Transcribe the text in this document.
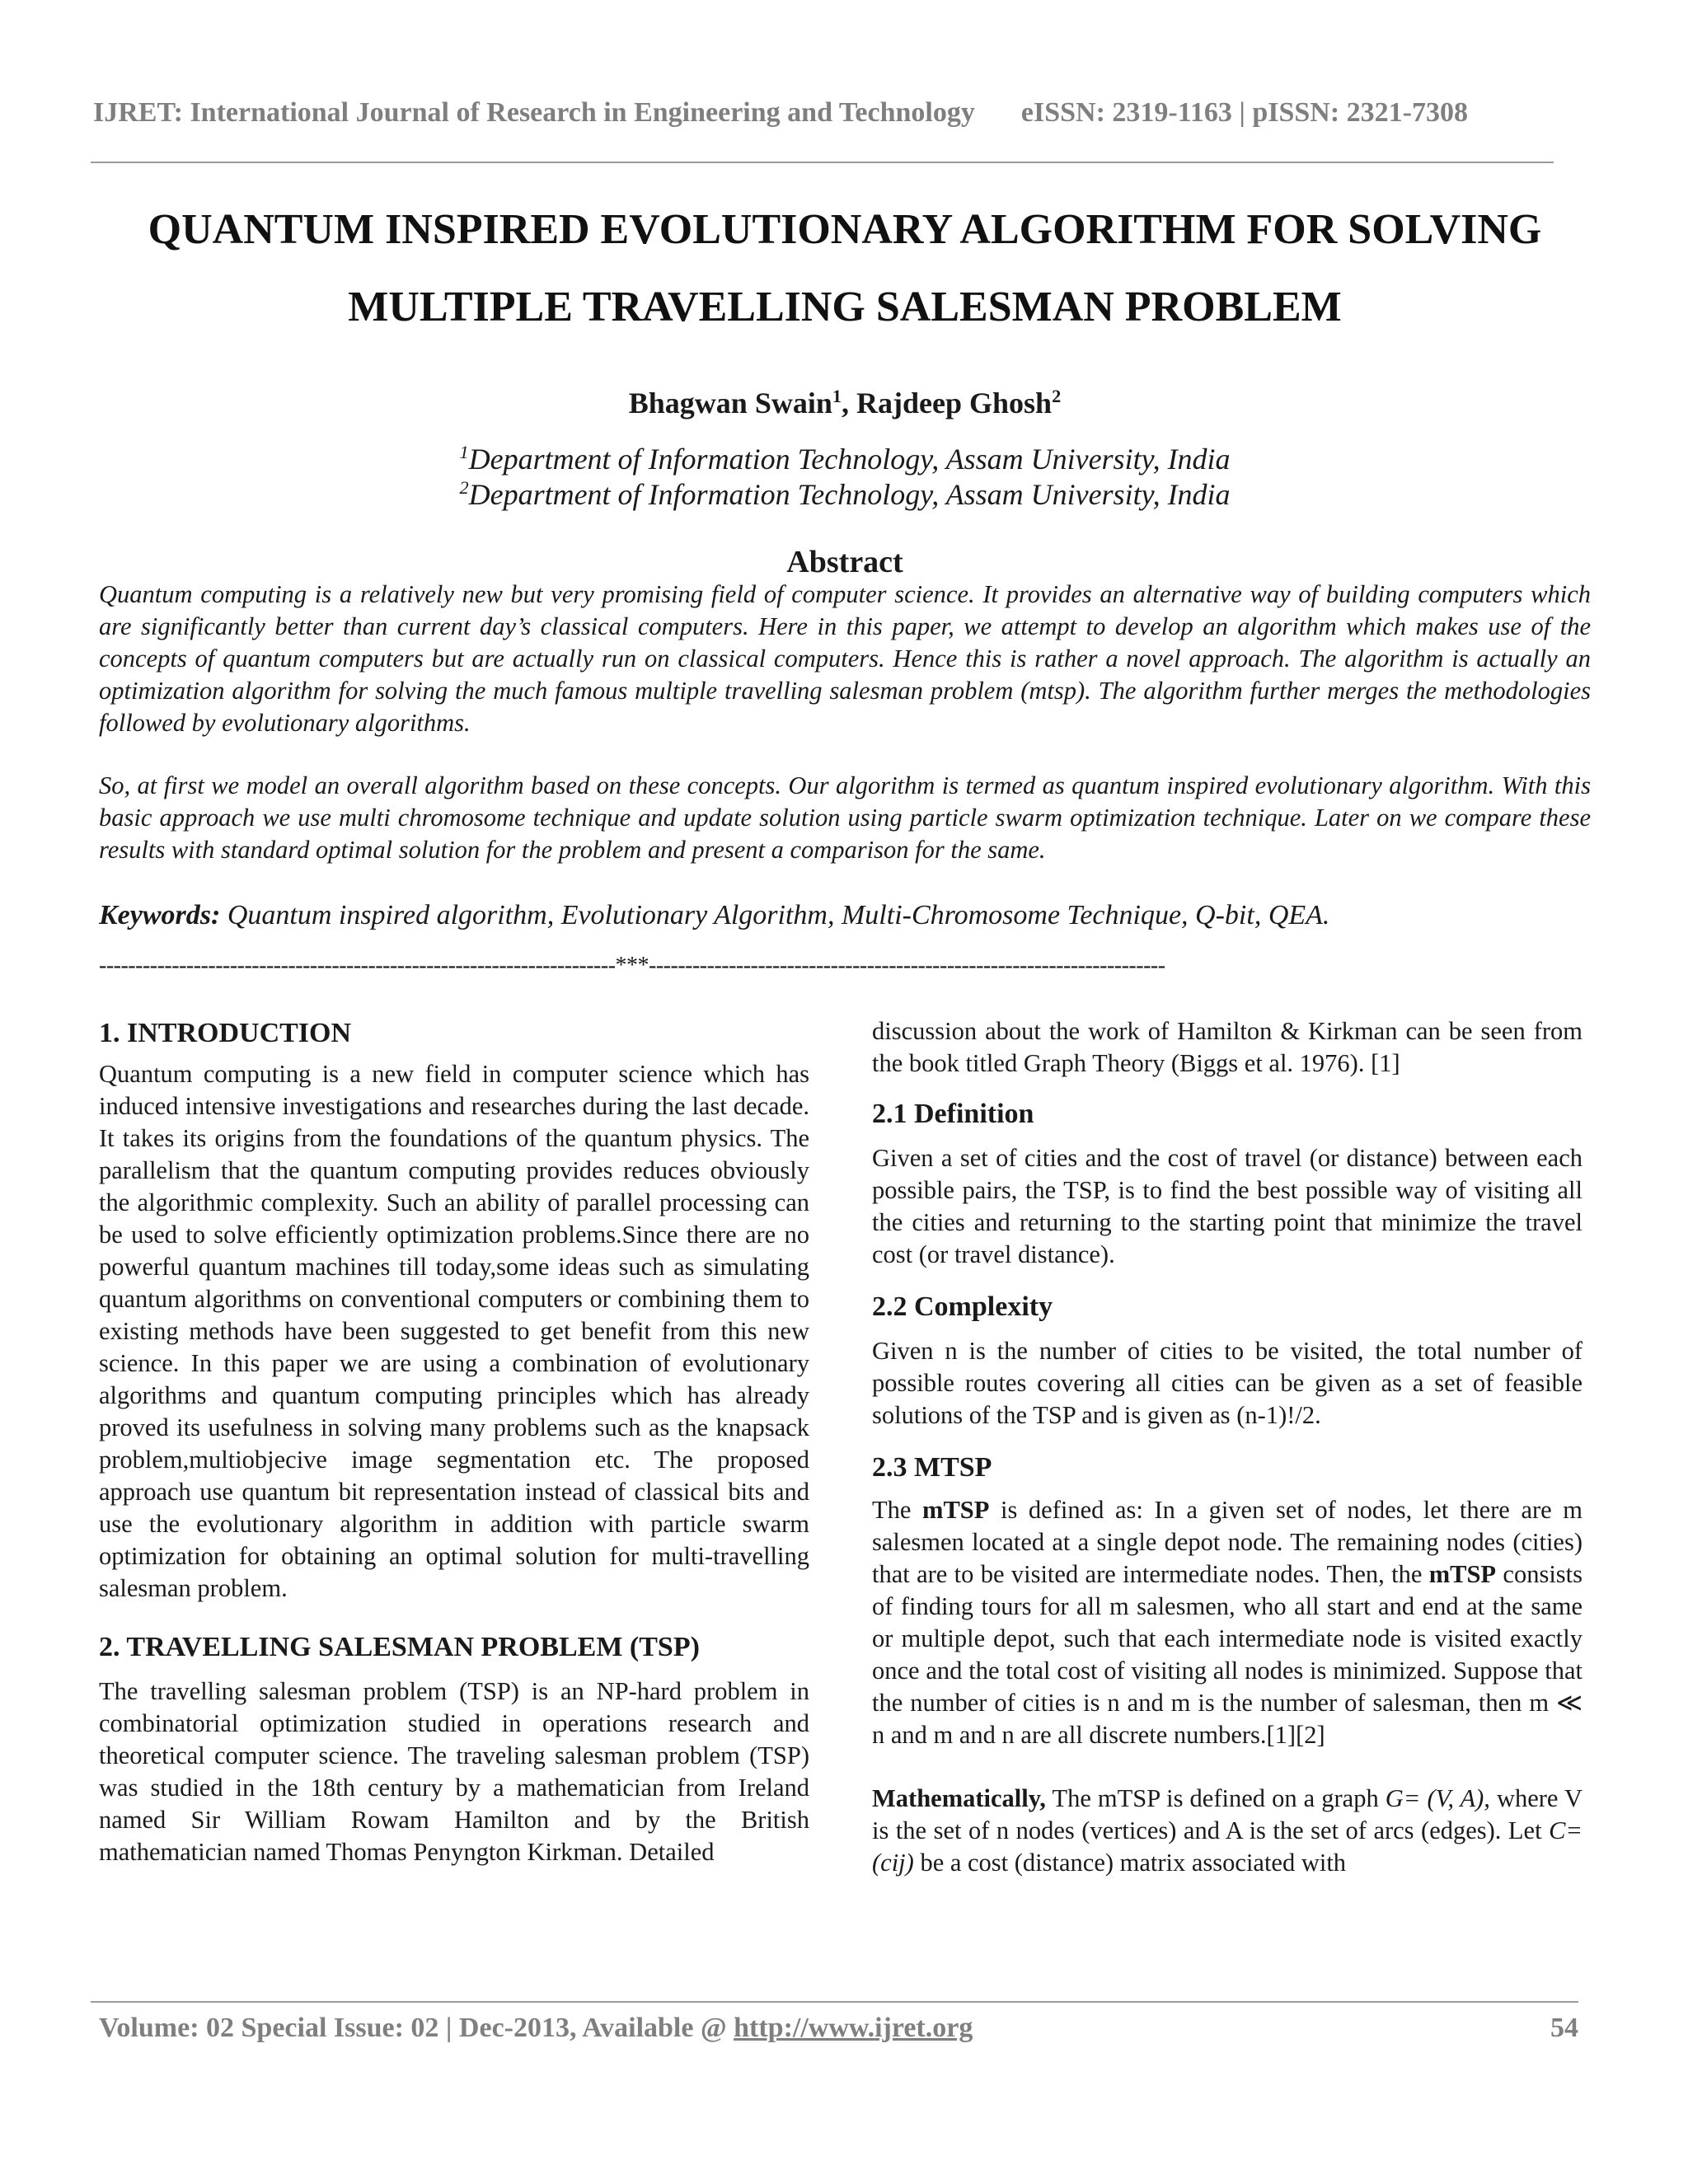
IJRET: International Journal of Research in Engineering and Technology eISSN: 2319-1163 | pISSN: 2321-7308
QUANTUM INSPIRED EVOLUTIONARY ALGORITHM FOR SOLVING
MULTIPLE TRAVELLING SALESMAN PROBLEM
Bhagwan Swain$^1$, Rajdeep Ghosh$^2$
$^1$Department of Information Technology, Assam University, India
$^2$Department of Information Technology, Assam University, India
Abstract

Quantum computing is a relatively new but very promising field of computer science. It provides an alternative way of building computers which are significantly better than current day’s classical computers. Here in this paper, we attempt to develop an algorithm which makes use of the concepts of quantum computers but are actually run on classical computers. Hence this is rather a novel approach. The algorithm is actually an optimization algorithm for solving the much famous multiple travelling salesman problem (mtsp). The algorithm further merges the methodologies followed by evolutionary algorithms.

So, at first we model an overall algorithm based on these concepts. Our algorithm is termed as quantum inspired evolutionary algorithm. With this basic approach we use multi chromosome technique and update solution using particle swarm optimization technique. Later on we compare these results with standard optimal solution for the problem and present a comparison for the same.

Keywords: Quantum inspired algorithm, Evolutionary Algorithm, Multi-Chromosome Technique, Q-bit, QEA.
-----------------------------------------------------------------------***-----------------------------------------------------------------------
1. INTRODUCTION

Quantum computing is a new field in computer science which has induced intensive investigations and researches during the last decade. It takes its origins from the foundations of the quantum physics. The parallelism that the quantum computing provides reduces obviously the algorithmic complexity. Such an ability of parallel processing can be used to solve efficiently optimization problems.Since there are no powerful quantum machines till today,some ideas such as simulating quantum algorithms on conventional computers or combining them to existing methods have been suggested to get benefit from this new science. In this paper we are using a combination of evolutionary algorithms and quantum computing principles which has already proved its usefulness in solving many problems such as the knapsack problem,multiobjecive image segmentation etc. The proposed approach use quantum bit representation instead of classical bits and use the evolutionary algorithm in addition with particle swarm optimization for obtaining an optimal solution for multi-travelling salesman problem.

2. TRAVELLING SALESMAN PROBLEM (TSP)

The travelling salesman problem (TSP) is an NP-hard problem in combinatorial optimization studied in operations research and theoretical computer science. The traveling salesman problem (TSP) was studied in the 18th century by a mathematician from Ireland named Sir William Rowam Hamilton and by the British mathematician named Thomas Penyngton Kirkman. Detailed

discussion about the work of Hamilton & Kirkman can be seen from the book titled Graph Theory (Biggs et al. 1976). [1]

2.1 Definition

Given a set of cities and the cost of travel (or distance) between each possible pairs, the TSP, is to find the best possible way of visiting all the cities and returning to the starting point that minimize the travel cost (or travel distance).

2.2 Complexity

Given n is the number of cities to be visited, the total number of possible routes covering all cities can be given as a set of feasible solutions of the TSP and is given as (n-1)!/2.

2.3 MTSP

The mTSP is defined as: In a given set of nodes, let there are m salesmen located at a single depot node. The remaining nodes (cities) that are to be visited are intermediate nodes. Then, the mTSP consists of finding tours for all m salesmen, who all start and end at the same or multiple depot, such that each intermediate node is visited exactly once and the total cost of visiting all nodes is minimized. Suppose that the number of cities is n and m is the number of salesman, then m ≪ n and m and n are all discrete numbers.[1][2]

Mathematically, The mTSP is defined on a graph G= (V, A), where V is the set of n nodes (vertices) and A is the set of arcs (edges). Let C= (cij) be a cost (distance) matrix associated with

Volume: 02 Special Issue: 02 | Dec-2013, Available @ http://www.ijret.org	54
